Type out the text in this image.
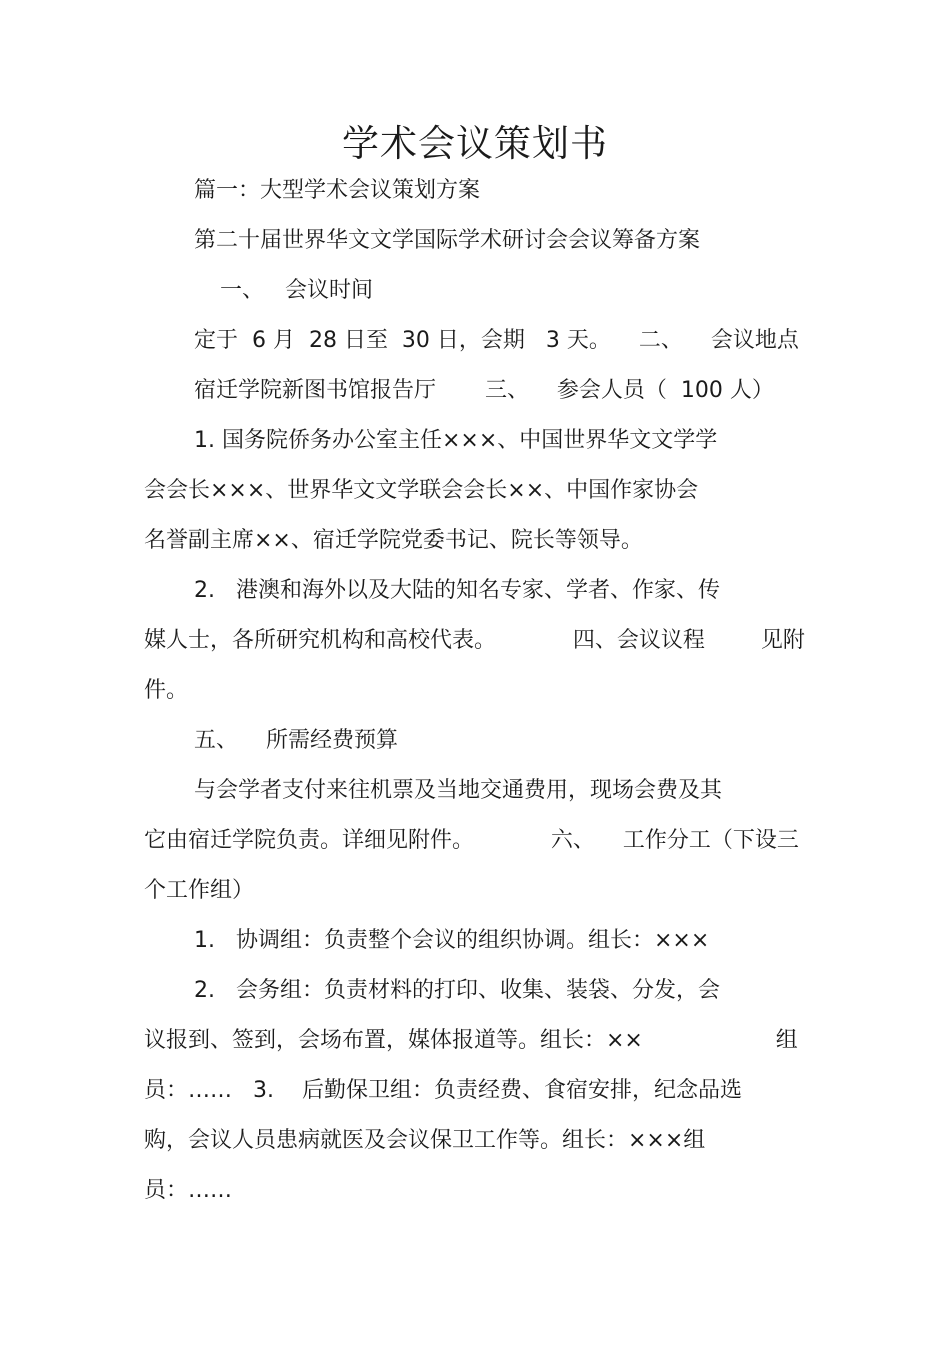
学术会议策划书
篇一：大型学术会议策划方案
第二十届世界华文文学国际学术研讨会会议筹备方案
一、   会议时间
定于  6 月  28 日至  30 日，会期   3 天。    二、    会议地点
宿迁学院新图书馆报告厅       三、    参会人员（  100 人）
1. 国务院侨务办公室主任×××、中国世界华文文学学
会会长×××、世界华文文学联会会长××、中国作家协会
名誉副主席××、宿迁学院党委书记、院长等领导。
2.   港澳和海外以及大陆的知名专家、学者、作家、传
媒人士，各所研究机构和高校代表。           四、会议议程        见附
件。
五、    所需经费预算
与会学者支付来往机票及当地交通费用，现场会费及其
它由宿迁学院负责。详细见附件。           六、    工作分工（下设三
个工作组）
1.   协调组：负责整个会议的组织协调。组长：×××
2.   会务组：负责材料的打印、收集、装袋、分发，会
议报到、签到，会场布置，媒体报道等。组长：××                   组
员：……   3.    后勤保卫组：负责经费、食宿安排，纪念品选
购，会议人员患病就医及会议保卫工作等。组长：×××组
员：……
